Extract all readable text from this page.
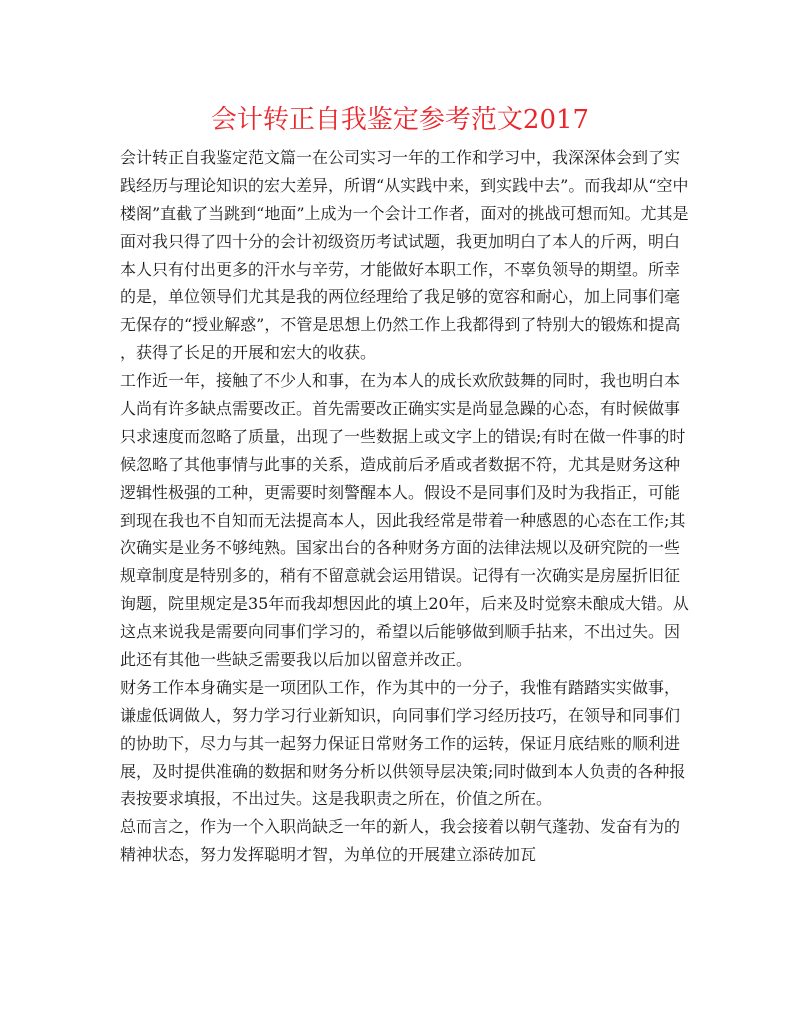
会计转正自我鉴定参考范文2017
会计转正自我鉴定范文篇一在公司实习一年的工作和学习中，我深深体会到了实
践经历与理论知识的宏大差异，所谓“从实践中来，到实践中去”。而我却从“空中
楼阁”直截了当跳到“地面”上成为一个会计工作者，面对的挑战可想而知。尤其是
面对我只得了四十分的会计初级资历考试试题，我更加明白了本人的斤两，明白
本人只有付出更多的汗水与辛劳，才能做好本职工作，不辜负领导的期望。所幸
的是，单位领导们尤其是我的两位经理给了我足够的宽容和耐心，加上同事们毫
无保存的“授业解惑”，不管是思想上仍然工作上我都得到了特别大的锻炼和提高
，获得了长足的开展和宏大的收获。
工作近一年，接触了不少人和事，在为本人的成长欢欣鼓舞的同时，我也明白本
人尚有许多缺点需要改正。首先需要改正确实实是尚显急躁的心态，有时候做事
只求速度而忽略了质量，出现了一些数据上或文字上的错误;有时在做一件事的时
候忽略了其他事情与此事的关系，造成前后矛盾或者数据不符，尤其是财务这种
逻辑性极强的工种，更需要时刻警醒本人。假设不是同事们及时为我指正，可能
到现在我也不自知而无法提高本人，因此我经常是带着一种感恩的心态在工作;其
次确实是业务不够纯熟。国家出台的各种财务方面的法律法规以及研究院的一些
规章制度是特别多的，稍有不留意就会运用错误。记得有一次确实是房屋折旧征
询题，院里规定是35年而我却想因此的填上20年，后来及时觉察未酿成大错。从
这点来说我是需要向同事们学习的，希望以后能够做到顺手拈来，不出过失。因
此还有其他一些缺乏需要我以后加以留意并改正。
财务工作本身确实是一项团队工作，作为其中的一分子，我惟有踏踏实实做事，
谦虚低调做人，努力学习行业新知识，向同事们学习经历技巧，在领导和同事们
的协助下，尽力与其一起努力保证日常财务工作的运转，保证月底结账的顺利进
展，及时提供准确的数据和财务分析以供领导层决策;同时做到本人负责的各种报
表按要求填报，不出过失。这是我职责之所在，价值之所在。
总而言之，作为一个入职尚缺乏一年的新人，我会接着以朝气蓬勃、发奋有为的
精神状态，努力发挥聪明才智，为单位的开展建立添砖加瓦
